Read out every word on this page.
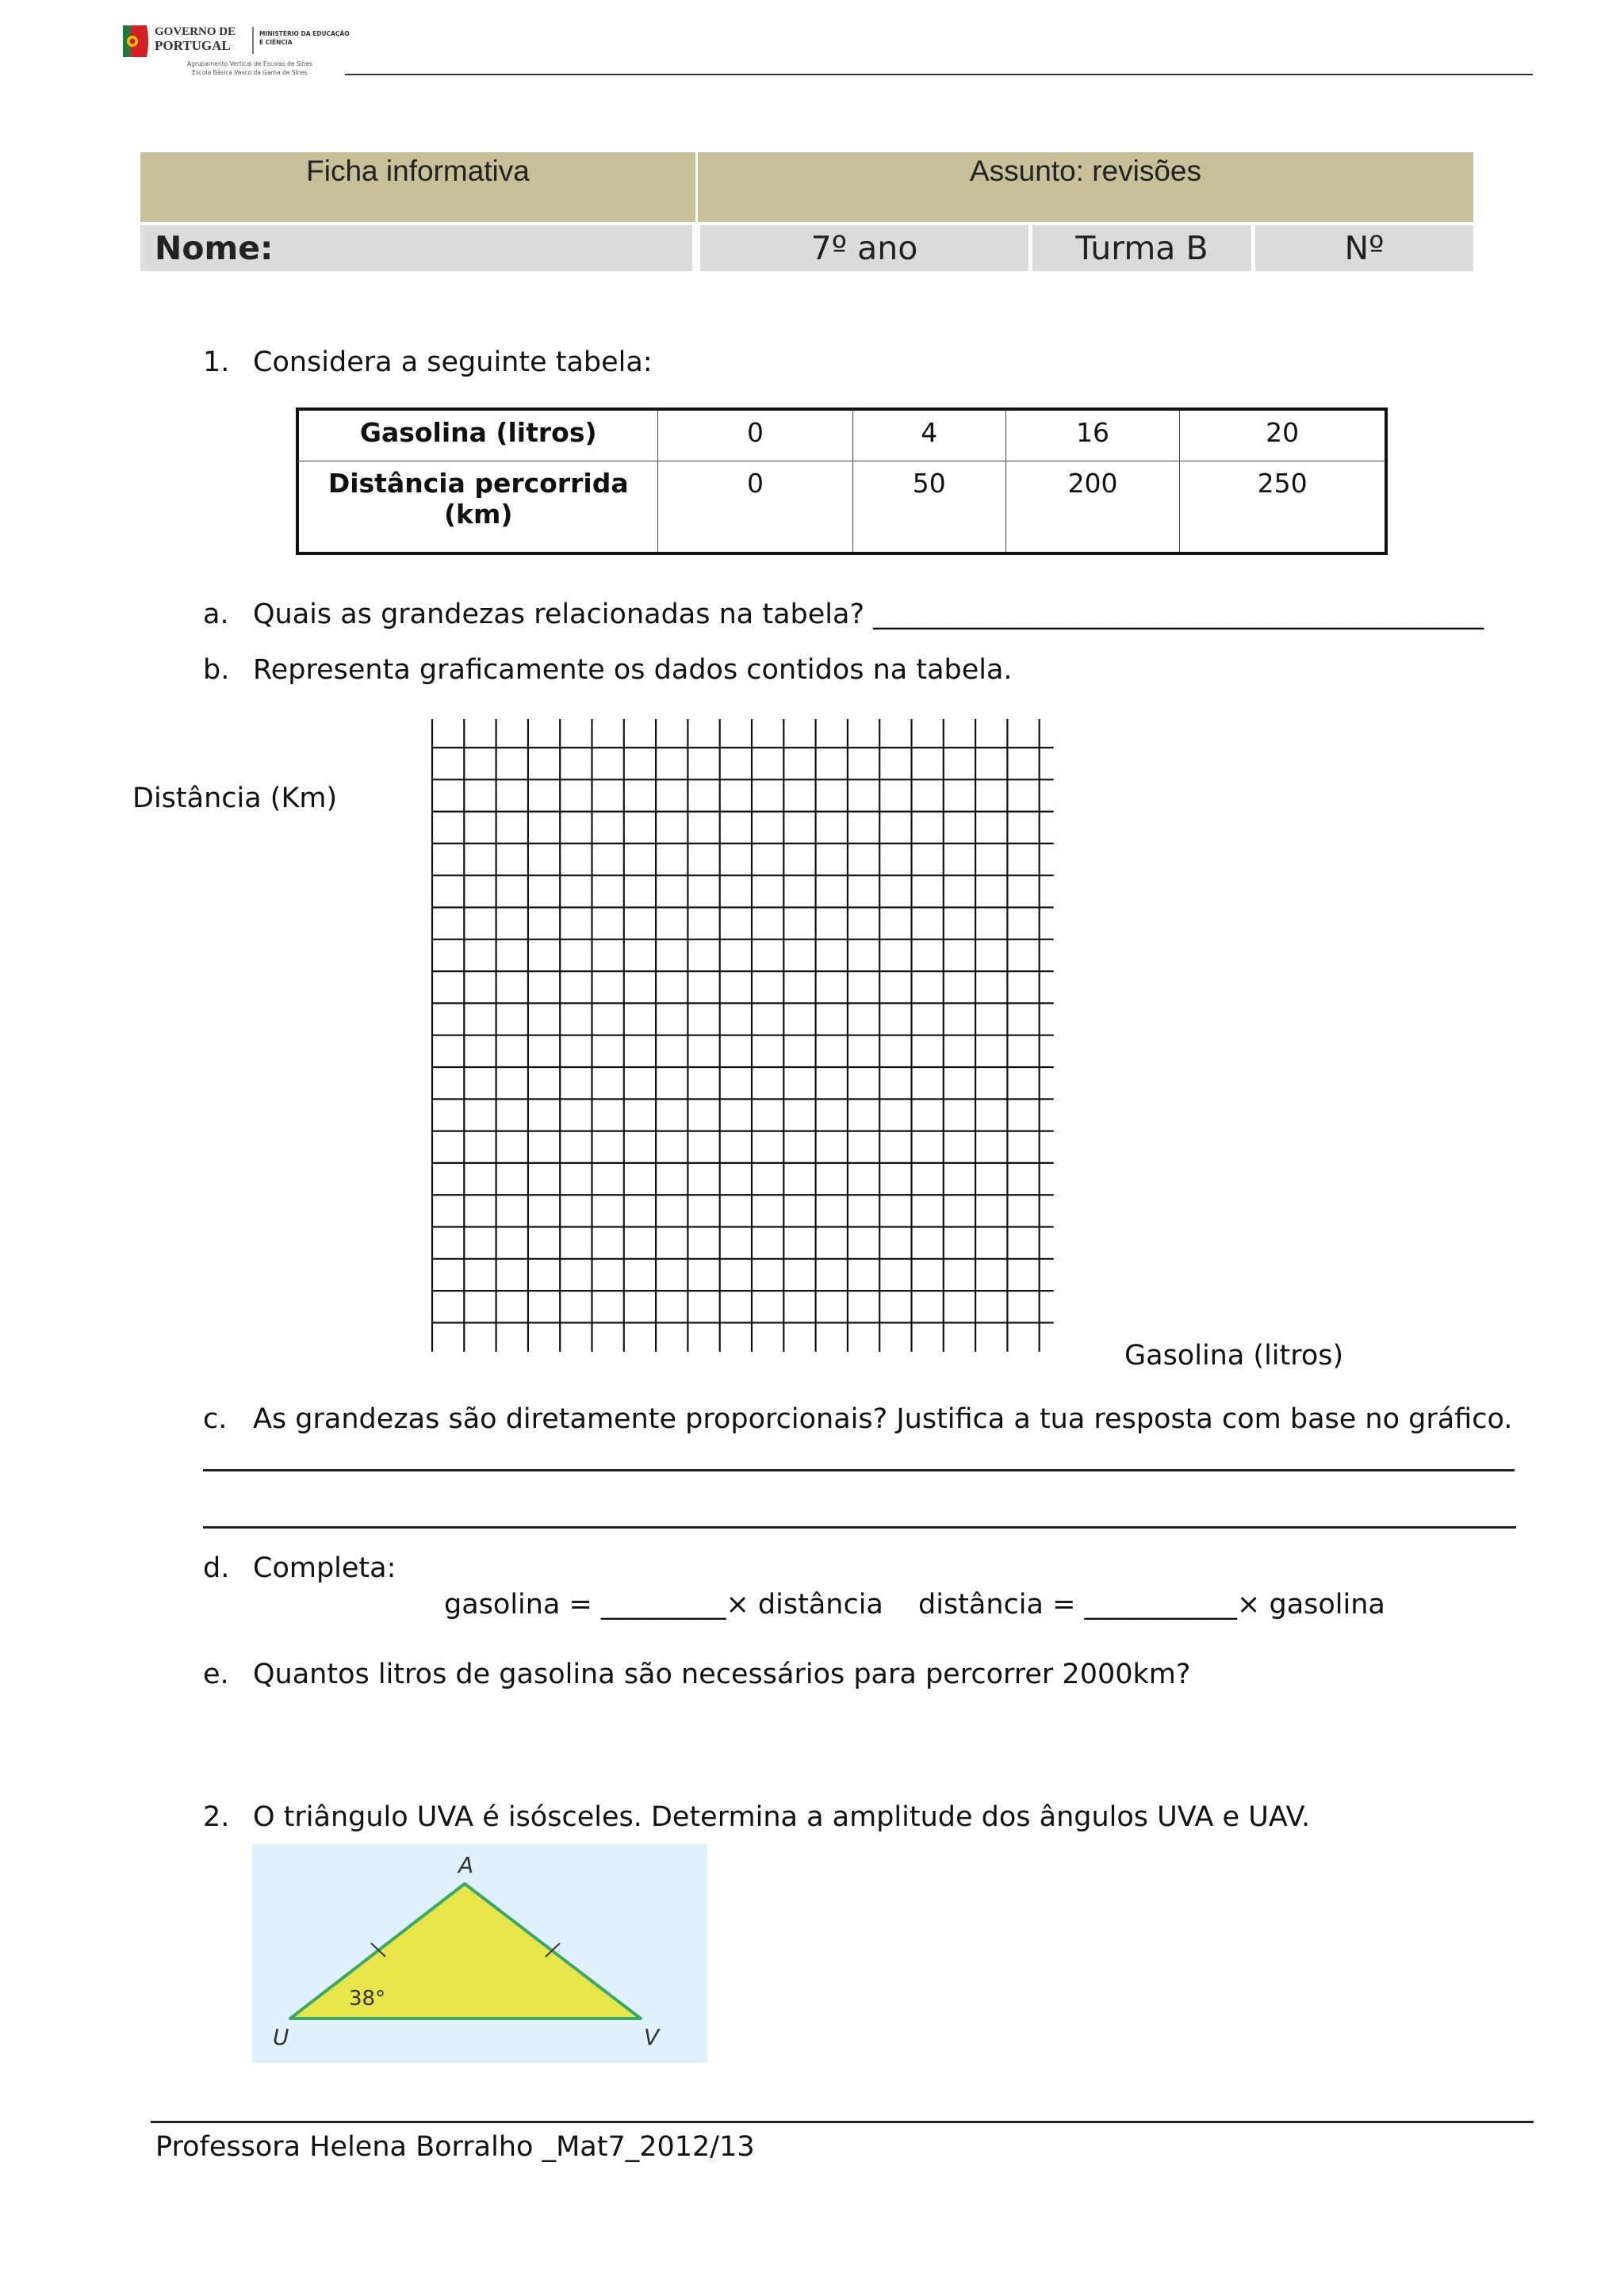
GOVERNO DE
PORTUGAL
MINISTÉRIO DA EDUCAÇÃO
E CIÊNCIA
Agrupamento Vertical de Escolas de Sines
Escola Básica Vasco da Gama de Sines
Ficha informativa	Assunto: revisões
Nome:	7º ano	Turma B	Nº
1. Considera a seguinte tabela:
Gasolina (litros)	0	4	16	20
Distância percorrida (km)	0	50	200	250
a. Quais as grandezas relacionadas na tabela? ____________________________________________
b. Representa graficamente os dados contidos na tabela.
Distância (Km)
Gasolina (litros)
c. As grandezas são diretamente proporcionais? Justifica a tua resposta com base no gráfico.
d. Completa:
gasolina = _________× distância distância = ___________× gasolina
e. Quantos litros de gasolina são necessários para percorrer 2000km?
2. O triângulo UVA é isósceles. Determina a amplitude dos ângulos UVA e UAV.
38°
A
U	V
Professora Helena Borralho _Mat7_2012/13
